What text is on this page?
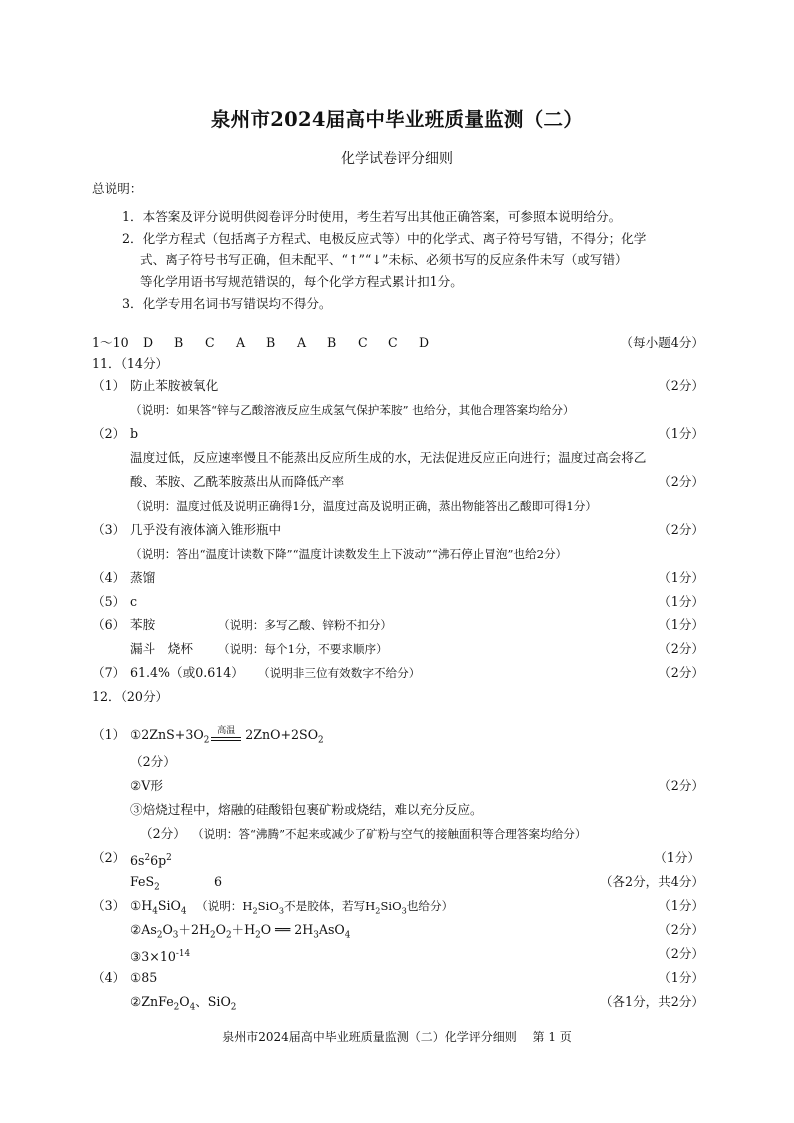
泉州市2024届高中毕业班质量监测（二）
化学试卷评分细则
总说明：
1．本答案及评分说明供阅卷评分时使用，考生若写出其他正确答案，可参照本说明给分。
2．化学方程式（包括离子方程式、电极反应式等）中的化学式、离子符号写错，不得分；化学
式、离子符号书写正确，但未配平、“↑”“↓”未标、必须书写的反应条件未写（或写错）
等化学用语书写规范错误的，每个化学方程式累计扣1分。
3．化学专用名词书写错误均不得分。
1～10 D B C A B A B C C D	（每小题4分）
11．（14分）
（1） 防止苯胺被氧化	（2分）
（说明：如果答“锌与乙酸溶液反应生成氢气保护苯胺” 也给分，其他合理答案均给分）
（2） b	（1分）
温度过低，反应速率慢且不能蒸出反应所生成的水，无法促进反应正向进行；温度过高会将乙
酸、苯胺、乙酰苯胺蒸出从而降低产率	（2分）
（说明：温度过低及说明正确得1分，温度过高及说明正确，蒸出物能答出乙酸即可得1分）
（3） 几乎没有液体滴入锥形瓶中	（2分）
（说明：答出“温度计读数下降”“温度计读数发生上下波动”“沸石停止冒泡”也给2分）
（4） 蒸馏	（1分）
（5） c	（1分）
（6） 苯胺	（说明：多写乙酸、锌粉不扣分）	（1分）
漏斗　烧杯 （说明：每个1分，不要求顺序）	（2分）
（7） 61.4%（或0.614） （说明非三位有效数字不给分）	（2分）
12．（20分）
（1） $①2ZnS+3O_2$
高温 $2ZnO+2SO_2$
（2分）
②V形	（2分）
③焙烧过程中，熔融的硅酸铅包裹矿粉或烧结，难以充分反应。
（2分） （说明：答“沸腾”不起来或减少了矿粉与空气的接触面积等合理答案均给分）
（2） $6s^26p^2$	（1分）
FeS$_2$	6	（各2分，共4分）
（3） $①H_4SiO_4$ （说明：$H_2SiO_3$不是胶体，若写$H_2SiO_3$也给分）	（1分）
$②As_2O_3+2H_2O_2+H_2O$ ══ $2H_3AsO_4$	（2分）
$③3\times 10^{-14}$	（2分）
（4） ①85	（1分）
$②ZnFe_2O_4$、SiO$_2$	（各1分，共2分）
泉州市2024届高中毕业班质量监测（二）化学评分细则　 第 1 页
